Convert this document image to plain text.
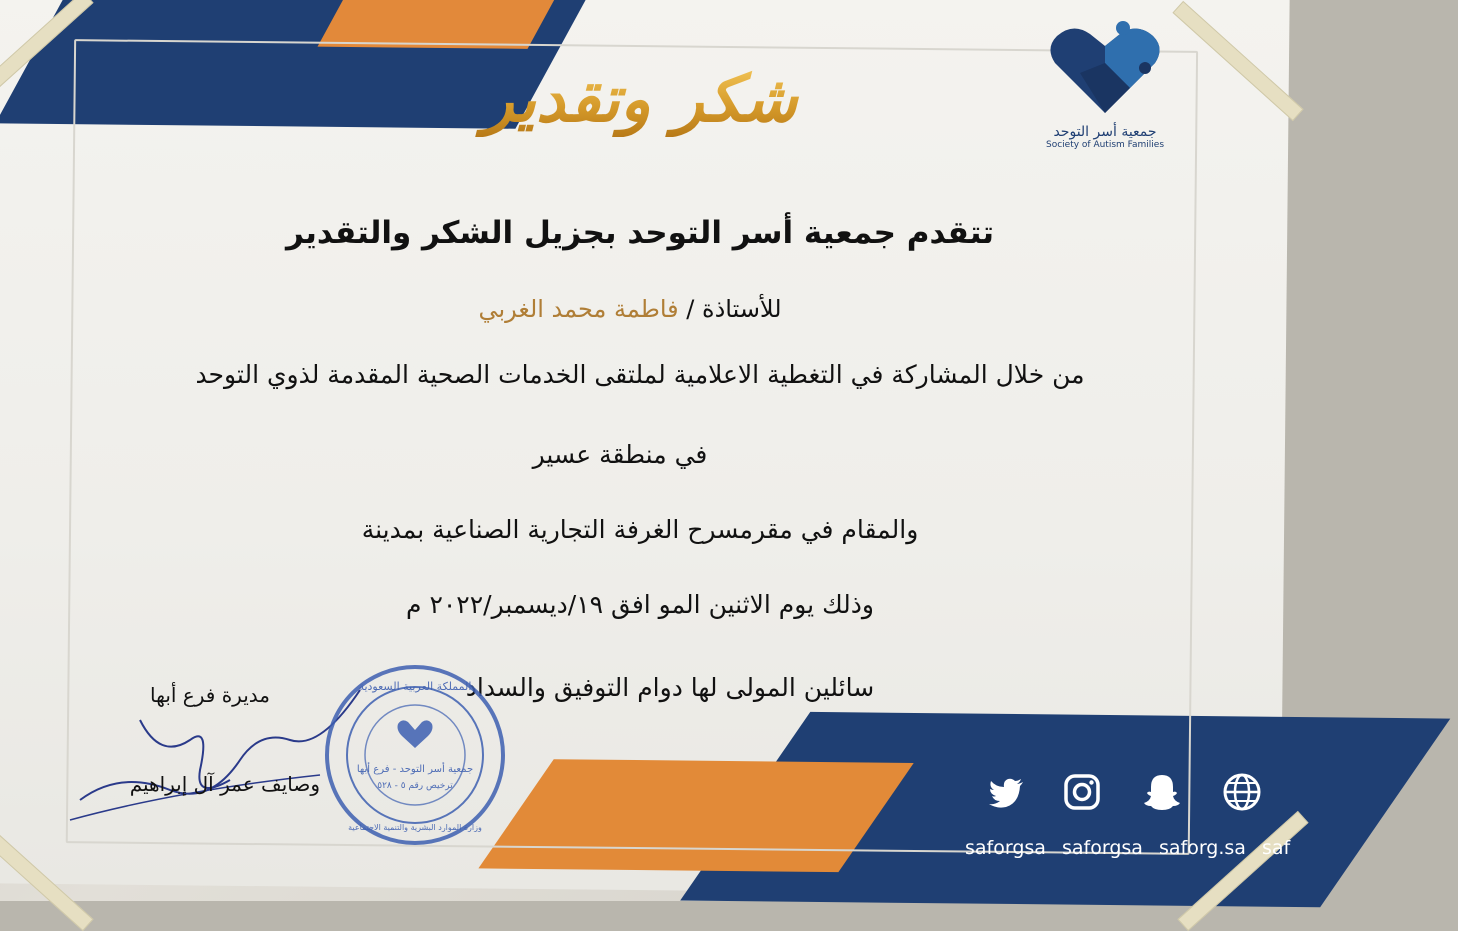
جمعية أسر التوحد
Society of Autism Families
شكر وتقدير
تتقدم جمعية أسر التوحد بجزيل الشكر والتقدير
للأستاذة / فاطمة محمد الغربي
من خلال المشاركة في التغطية الاعلامية لملتقى الخدمات الصحية المقدمة لذوي التوحد
في منطقة عسير
والمقام في مقرمسرح الغرفة التجارية الصناعية بمدينة
وذلك يوم الاثنين المو افق ١٩/ديسمبر/٢٠٢٢ م
سائلين المولى لها دوام التوفيق والسداد
مديرة فرع أبها
وصايف عمر آل إبراهيم
جمعية أسر التوحد - فرع أبها
ترخيص رقم ٥ - ٥٢٨
المملكة العربية السعودية
وزارة الموارد البشرية والتنمية الاجتماعية
saforgsa saforgsa saforg.sa saf
